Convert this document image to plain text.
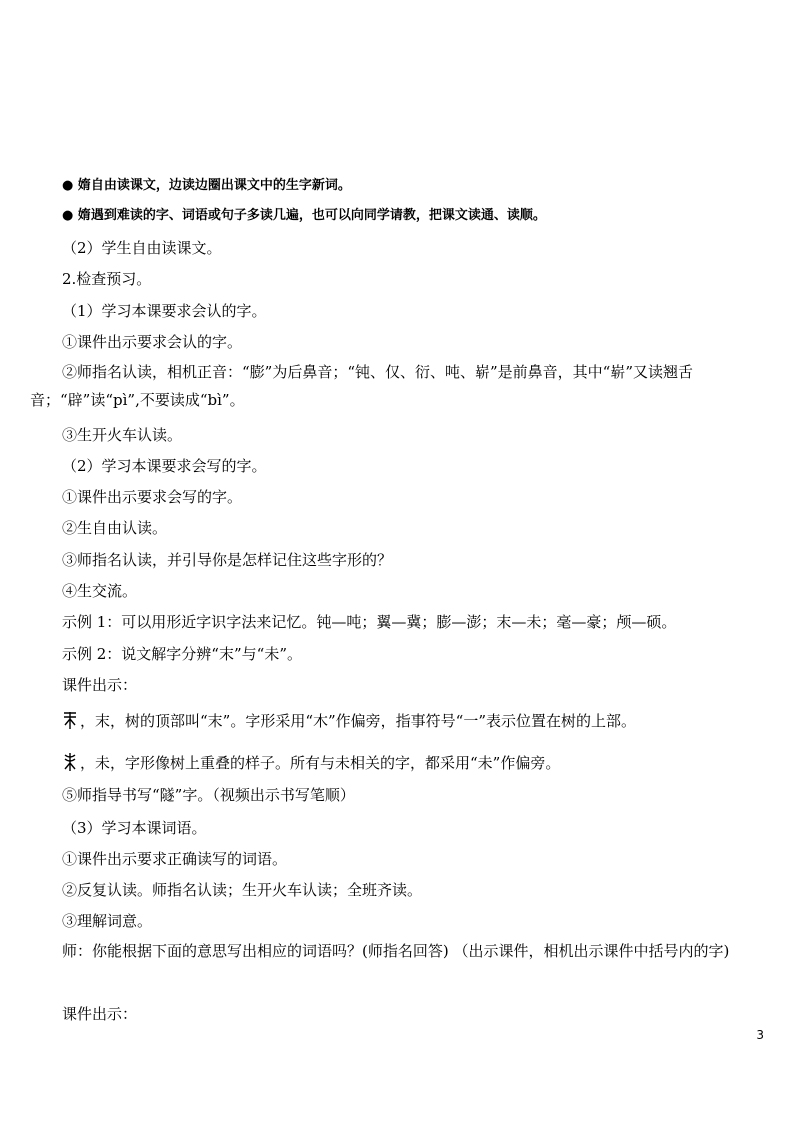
● 媠自由读课文，边读边圈出课文中的生字新词。
● 媠遇到难读的字、词语或句子多读几遍，也可以向同学请教，把课文读通、读顺。
（2）学生自由读课文。
2.检查预习。
（1）学习本课要求会认的字。
①课件出示要求会认的字。
②师指名认读，相机正音：“膨”为后鼻音；“钝、仅、衍、吨、崭”是前鼻音，其中“崭”又读翘舌音；“辟”读“pì”,不要读成“bì”。
③生开火车认读。
（2）学习本课要求会写的字。
①课件出示要求会写的字。
②生自由认读。
③师指名认读，并引导你是怎样记住这些字形的？
④生交流。
示例 1：可以用形近字识字法来记忆。钝—吨；翼—冀；膨—澎；末—未；毫—豪；颅—硕。
示例 2：说文解字分辨“末”与“未”。
课件出示：
，末，树的顶部叫“末”。字形采用“木”作偏旁，指事符号“一”表示位置在树的上部。
，未，字形像树上重叠的样子。所有与未相关的字，都采用“未”作偏旁。
⑤师指导书写“隧”字。（视频出示书写笔顺）
（3）学习本课词语。
①课件出示要求正确读写的词语。
②反复认读。师指名认读；生开火车认读；全班齐读。
③理解词意。
师：你能根据下面的意思写出相应的词语吗？(师指名回答) （出示课件，相机出示课件中括号内的字)
课件出示：
3
